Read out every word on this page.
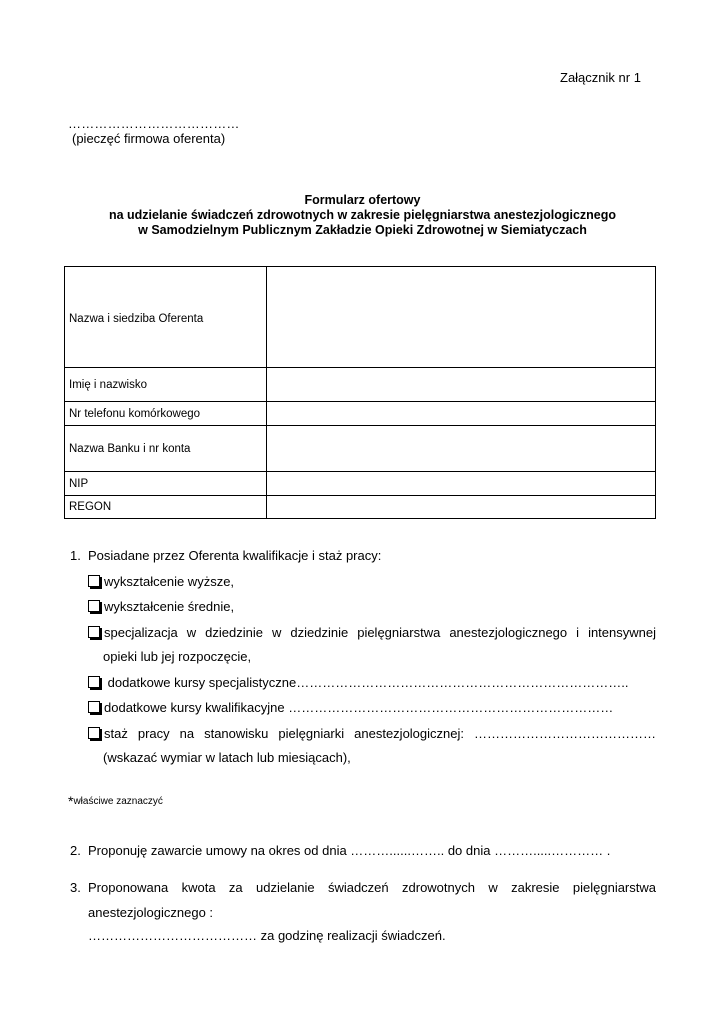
Załącznik nr 1
…………………………………
(pieczęć firmowa oferenta)
Formularz ofertowy
na udzielanie świadczeń zdrowotnych w zakresie pielęgniarstwa anestezjologicznego
w Samodzielnym Publicznym Zakładzie Opieki Zdrowotnej w Siemiatyczach
Nazwa i siedziba Oferenta	

Imię i nazwisko	
Nr telefonu komórkowego	
Nazwa Banku i nr konta	
NIP	
REGON	
1. Posiadane przez Oferenta kwalifikacje i staż pracy:
wykształcenie wyższe,
wykształcenie średnie,
specjalizacja w dziedzinie w dziedzinie pielęgniarstwa anestezjologicznego i intensywnej
opieki lub jej rozpoczęcie,
dodatkowe kursy specjalistyczne…………………………………………………………………..
dodatkowe kursy kwalifikacyjne …………………………………………………………………
staż pracy na stanowisku pielęgniarki anestezjologicznej: ……………………………………
(wskazać wymiar w latach lub miesiącach),
*właściwe zaznaczyć
2. Proponuję zawarcie umowy na okres od dnia ………......…….. do dnia ……….....………… .
3. Proponowana kwota za udzielanie świadczeń zdrowotnych w zakresie pielęgniarstwa
anestezjologicznego :
………………………………… za godzinę realizacji świadczeń.
